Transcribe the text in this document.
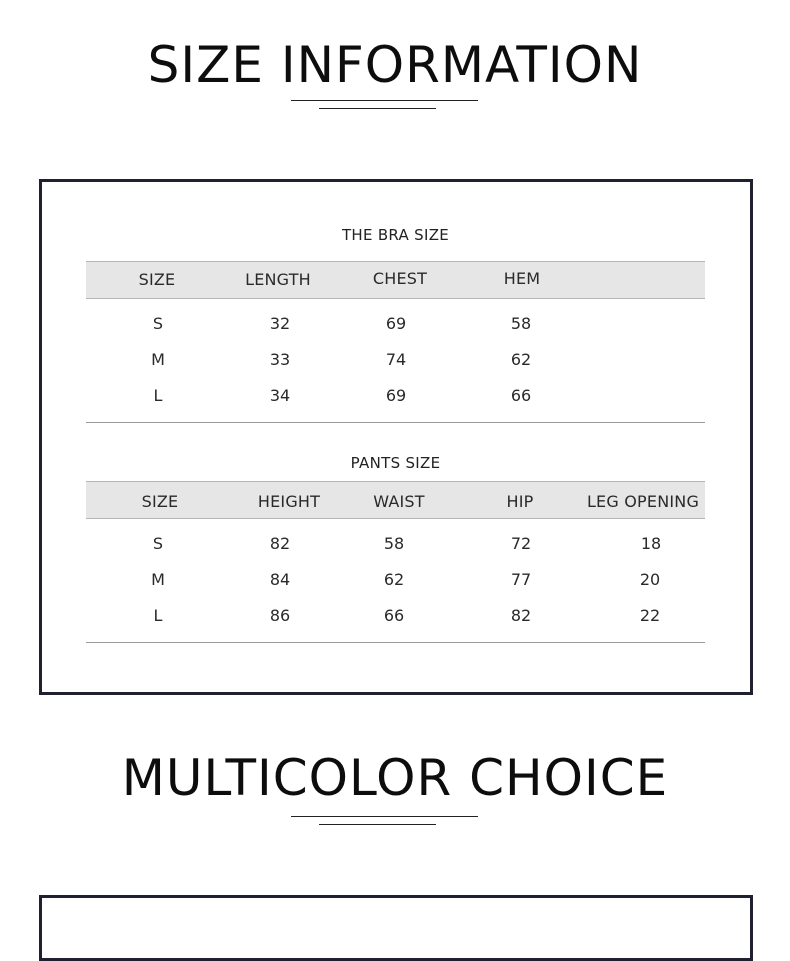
SIZE INFORMATION
THE BRA SIZE
SIZE	LENGTH	CHEST	HEM
S	32	69	58
M	33	74	62
L	34	69	66
PANTS SIZE
SIZE	HEIGHT	WAIST	HIP	LEG OPENING
S	82	58	72	18
M	84	62	77	20
L	86	66	82	22
MULTICOLOR CHOICE
